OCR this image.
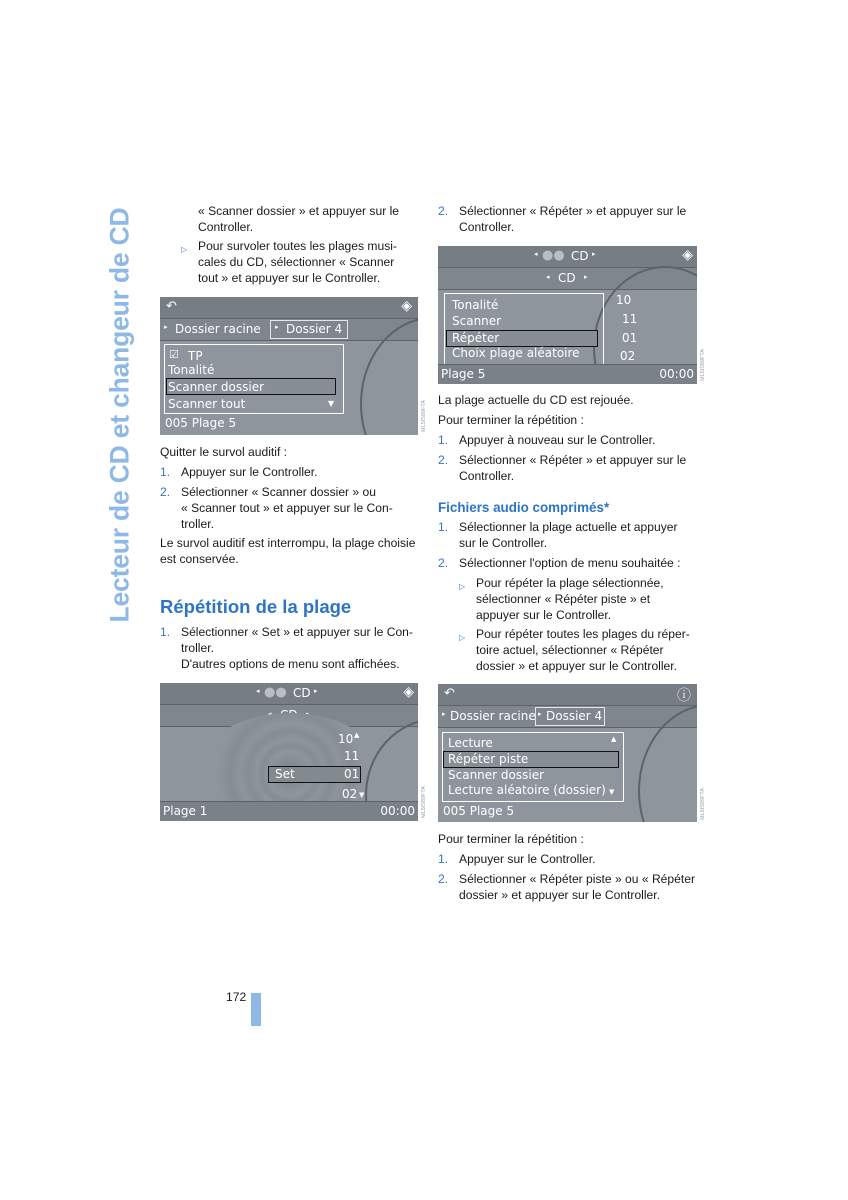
Lecteur de CD et changeur de CD	« Scanner dossier » et appuyer sur le

Controller.

▷ Pour survoler toutes les plages musi-

cales du CD, sélectionner « Scanner

tout » et appuyer sur le Controller.

↶	◈
▸ Dossier racine ▸ Dossier 4
☑ TP
Tonalité
Scanner dossier
Scanner tout	▼
005 Plage 5	ML5IS89FTA

Quitter le survol auditif :

1. Appuyer sur le Controller.

2. Sélectionner « Scanner dossier » ou

« Scanner tout » et appuyer sur le Con-

troller.

Le survol auditif est interrompu, la plage choisie

est conservée.

Répétition de la plage
1. Sélectionner « Set » et appuyer sur le Con-

troller.

D'autres options de menu sont affichées.

◂ ●● CD ▸	◈
10 ▲
11
Set	01
02 ▼
Plage 1	00:00 ML5IS89FTA
2. Sélectionner « Répéter » et appuyer sur le

Controller.

◂ ●● CD ▸	◈
◂ CD ▸
Tonalité
Scanner
Répéter
Choix plage aléatoire
10
11
01
02
Plage 5	00:00 ML5IS89FTA

La plage actuelle du CD est rejouée.

Pour terminer la répétition :

1. Appuyer à nouveau sur le Controller.

2. Sélectionner « Répéter » et appuyer sur le

Controller.

Fichiers audio comprimés*
1. Sélectionner la plage actuelle et appuyer

sur le Controller.

2. Sélectionner l'option de menu souhaitée :

▷ Pour répéter la plage sélectionnée,

sélectionner « Répéter piste » et

appuyer sur le Controller.

▷ Pour répéter toutes les plages du réper-

toire actuel, sélectionner « Répéter

dossier » et appuyer sur le Controller.

↶	ⓘ
▸ Dossier racine ▸ Dossier 4
Lecture	▲
Répéter piste
Scanner dossier
Lecture aléatoire (dossier) ▼
005 Plage 5	ML5IS89FTA

Pour terminer la répétition :

1. Appuyer sur le Controller.

2. Sélectionner « Répéter piste » ou « Répéter

dossier » et appuyer sur le Controller.

172
